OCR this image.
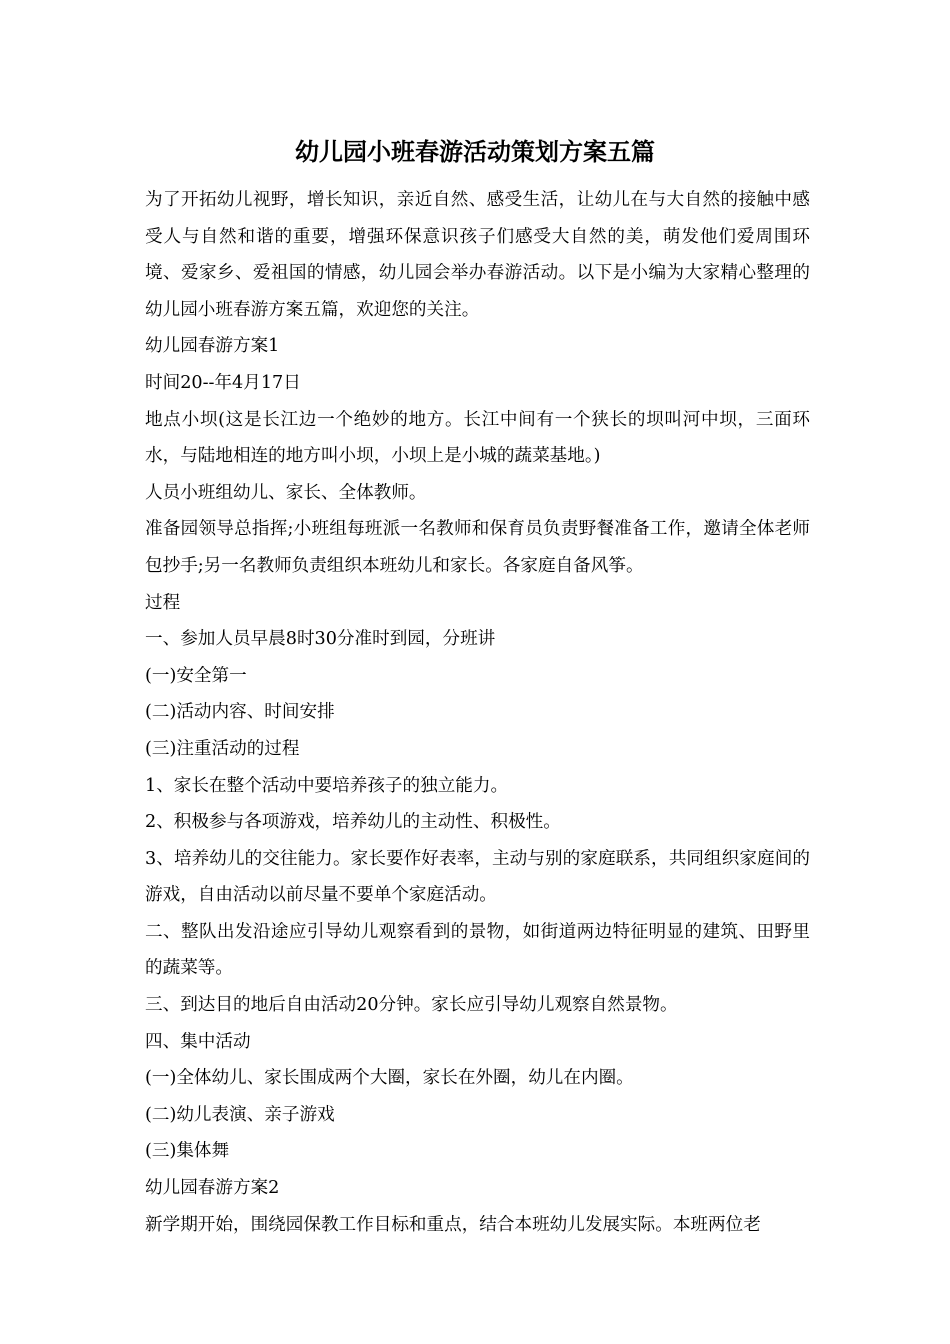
幼儿园小班春游活动策划方案五篇

为了开拓幼儿视野，增长知识，亲近自然、感受生活，让幼儿在与大自然的接触中感受人与自然和谐的重要，增强环保意识孩子们感受大自然的美，萌发他们爱周围环境、爱家乡、爱祖国的情感，幼儿园会举办春游活动。以下是小编为大家精心整理的幼儿园小班春游方案五篇，欢迎您的关注。

幼儿园春游方案1

时间20--年4月17日

地点小坝(这是长江边一个绝妙的地方。长江中间有一个狭长的坝叫河中坝，三面环水，与陆地相连的地方叫小坝，小坝上是小城的蔬菜基地。)

人员小班组幼儿、家长、全体教师。

准备园领导总指挥;小班组每班派一名教师和保育员负责野餐准备工作，邀请全体老师包抄手;另一名教师负责组织本班幼儿和家长。各家庭自备风筝。

过程

一、参加人员早晨8时30分准时到园，分班讲

(一)安全第一

(二)活动内容、时间安排

(三)注重活动的过程

1、家长在整个活动中要培养孩子的独立能力。

2、积极参与各项游戏，培养幼儿的主动性、积极性。

3、培养幼儿的交往能力。家长要作好表率，主动与别的家庭联系，共同组织家庭间的游戏，自由活动以前尽量不要单个家庭活动。

二、整队出发沿途应引导幼儿观察看到的景物，如街道两边特征明显的建筑、田野里的蔬菜等。

三、到达目的地后自由活动20分钟。家长应引导幼儿观察自然景物。

四、集中活动

(一)全体幼儿、家长围成两个大圈，家长在外圈，幼儿在内圈。

(二)幼儿表演、亲子游戏

(三)集体舞

幼儿园春游方案2

新学期开始，围绕园保教工作目标和重点，结合本班幼儿发展实际。本班两位老
